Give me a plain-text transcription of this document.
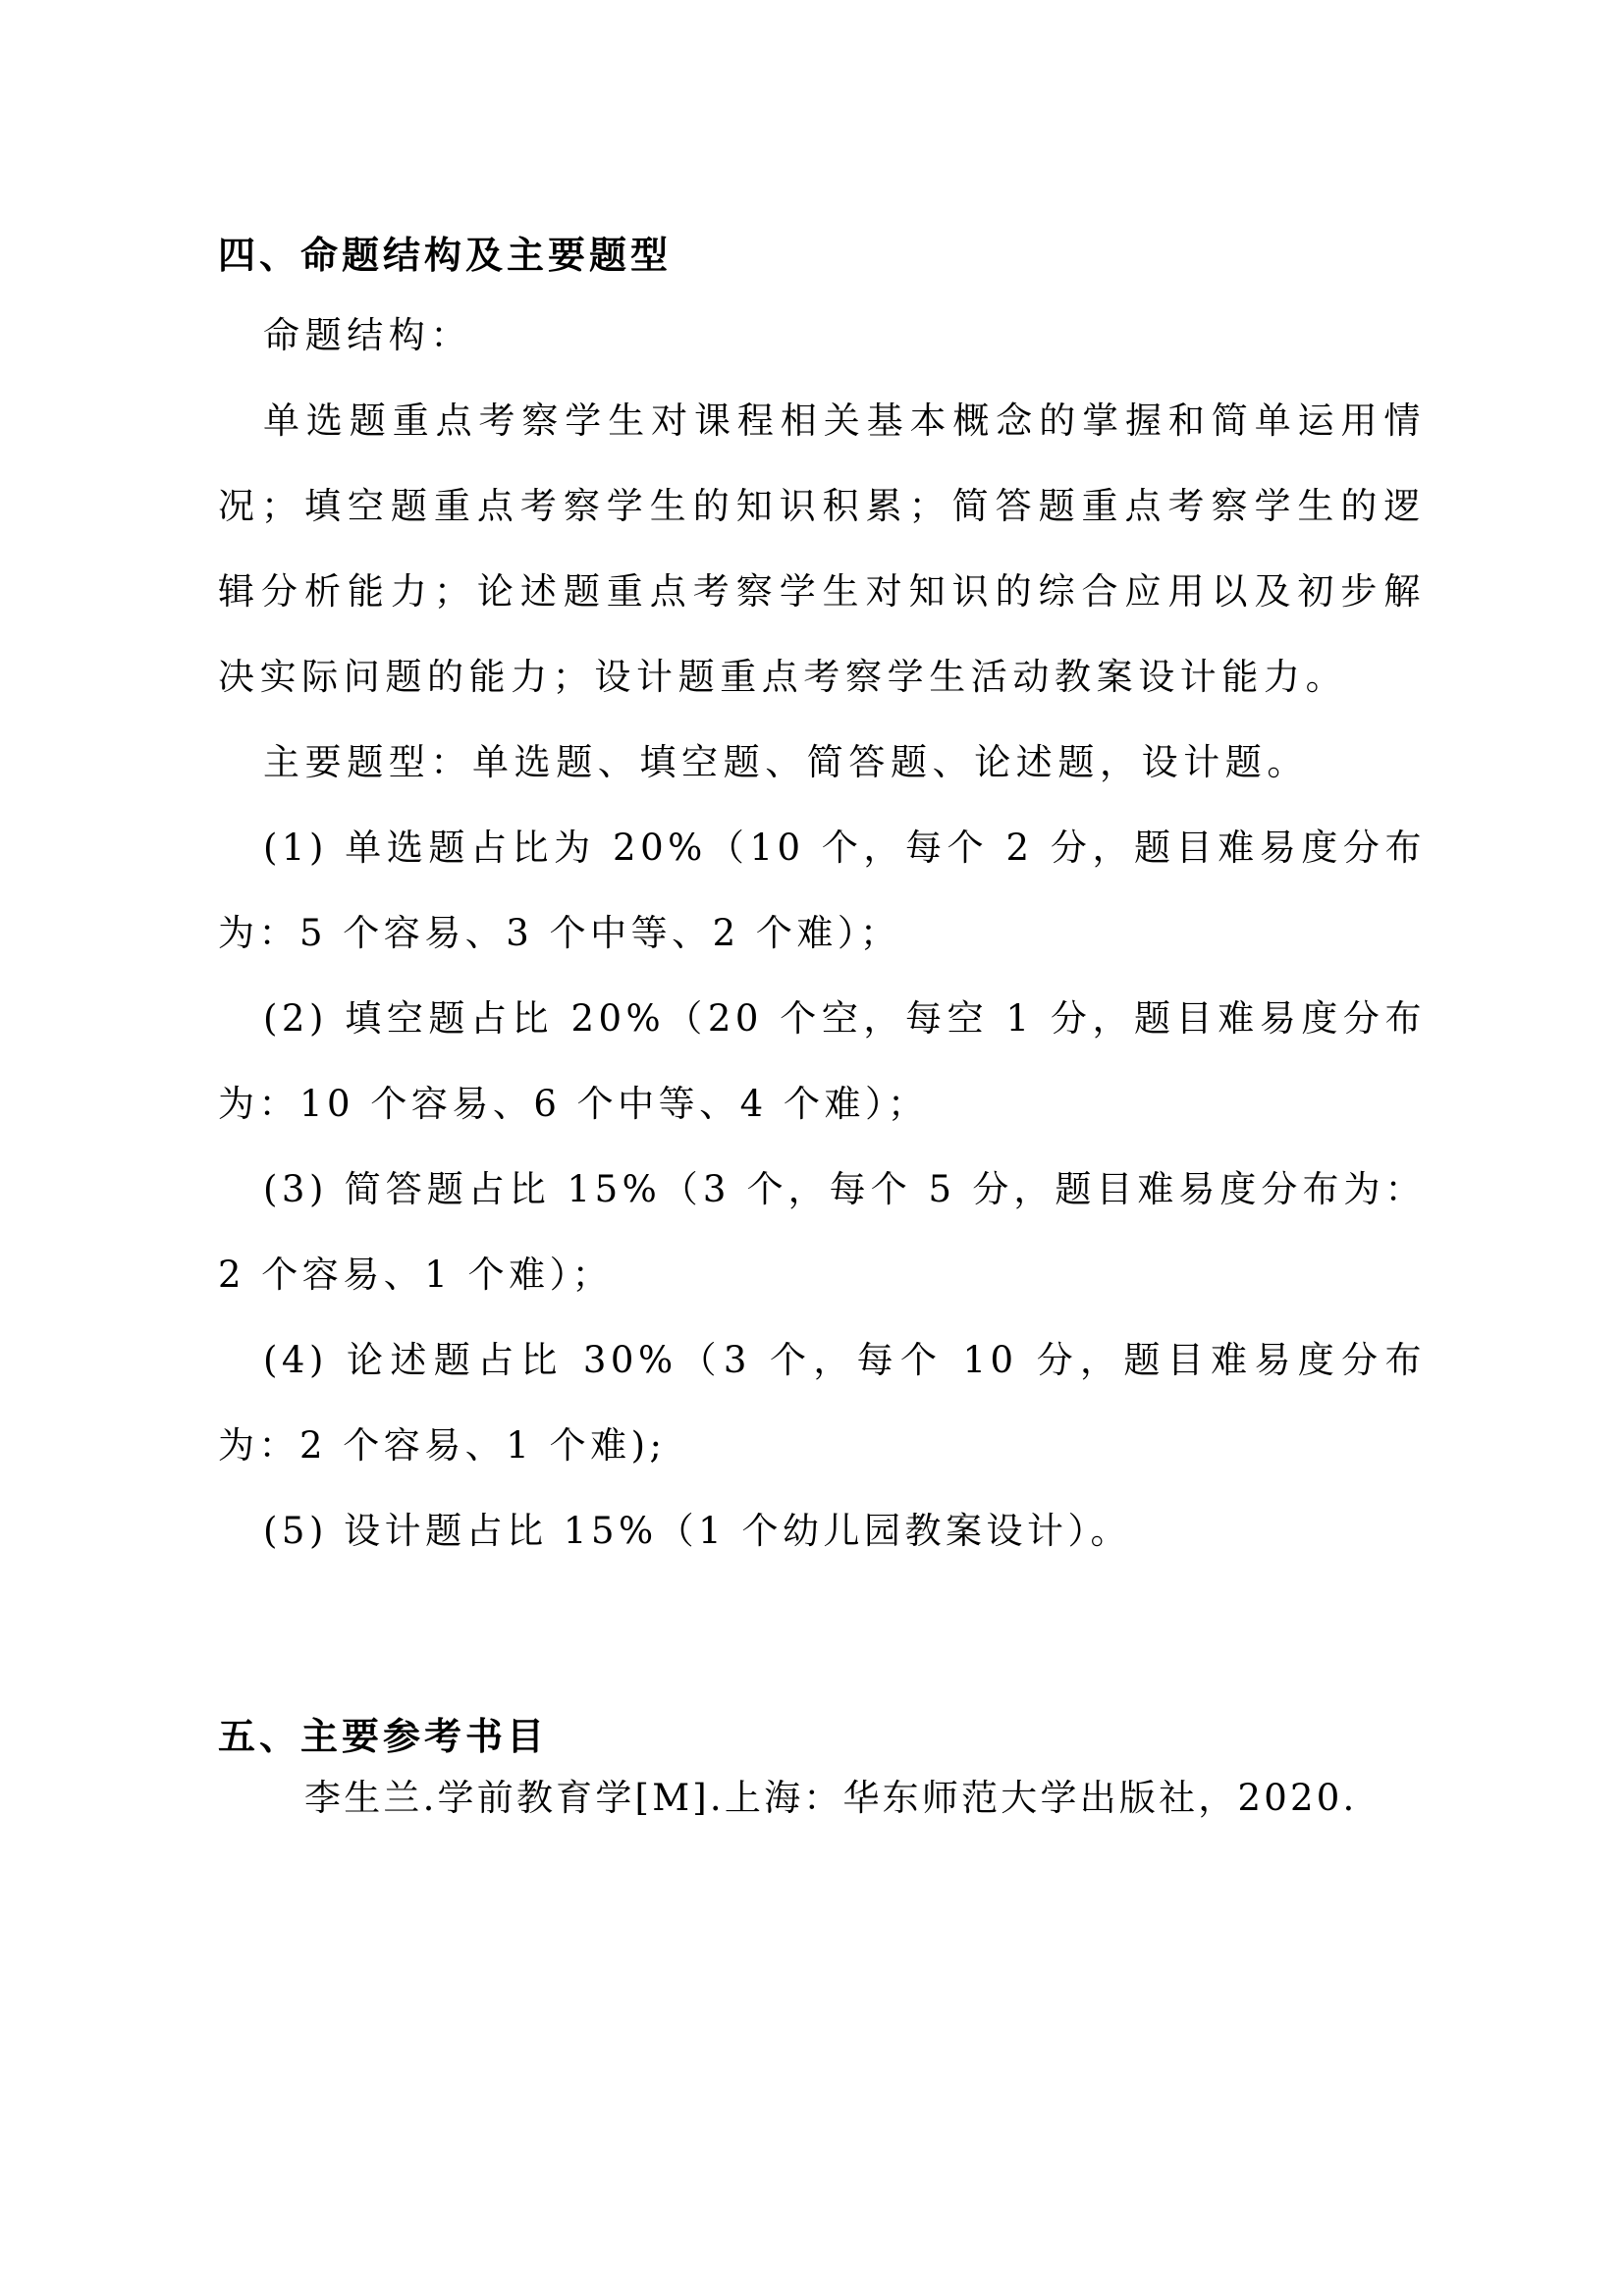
四、命题结构及主要题型

命题结构：

单选题重点考察学生对课程相关基本概念的掌握和简单运用情况；填空题重点考察学生的知识积累；简答题重点考察学生的逻辑分析能力；论述题重点考察学生对知识的综合应用以及初步解决实际问题的能力；设计题重点考察学生活动教案设计能力。

主要题型：单选题、填空题、简答题、论述题，设计题。

(1) 单选题占比为 20%（10 个，每个 2 分，题目难易度分布为：5 个容易、3 个中等、2 个难）；

(2) 填空题占比 20%（20 个空，每空 1 分，题目难易度分布为：10 个容易、6 个中等、4 个难）；

(3) 简答题占比 15%（3 个，每个 5 分，题目难易度分布为：2 个容易、1 个难）；

(4) 论述题占比 30%（3 个，每个 10 分，题目难易度分布为：2 个容易、1 个难);

(5) 设计题占比 15%（1 个幼儿园教案设计）。

五、主要参考书目

李生兰.学前教育学[M].上海：华东师范大学出版社，2020.
